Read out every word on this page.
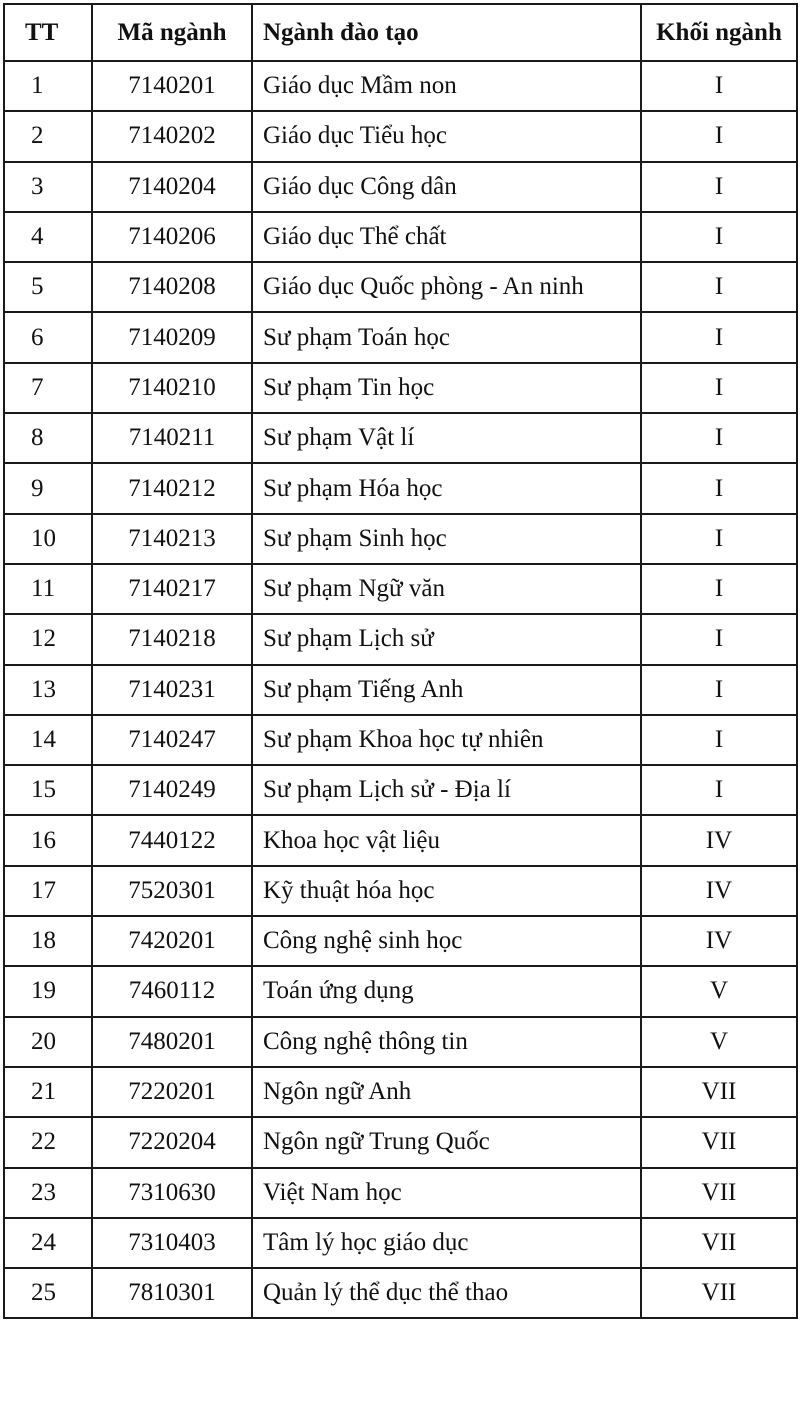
TT	Mã ngành	Ngành đào tạo	Khối ngành
1	7140201	Giáo dục Mầm non	I
2	7140202	Giáo dục Tiểu học	I
3	7140204	Giáo dục Công dân	I
4	7140206	Giáo dục Thể chất	I
5	7140208	Giáo dục Quốc phòng - An ninh	I
6	7140209	Sư phạm Toán học	I
7	7140210	Sư phạm Tin học	I
8	7140211	Sư phạm Vật lí	I
9	7140212	Sư phạm Hóa học	I
10	7140213	Sư phạm Sinh học	I
11	7140217	Sư phạm Ngữ văn	I
12	7140218	Sư phạm Lịch sử	I
13	7140231	Sư phạm Tiếng Anh	I
14	7140247	Sư phạm Khoa học tự nhiên	I
15	7140249	Sư phạm Lịch sử - Địa lí	I
16	7440122	Khoa học vật liệu	IV
17	7520301	Kỹ thuật hóa học	IV
18	7420201	Công nghệ sinh học	IV
19	7460112	Toán ứng dụng	V
20	7480201	Công nghệ thông tin	V
21	7220201	Ngôn ngữ Anh	VII
22	7220204	Ngôn ngữ Trung Quốc	VII
23	7310630	Việt Nam học	VII
24	7310403	Tâm lý học giáo dục	VII
25	7810301	Quản lý thể dục thể thao	VII
